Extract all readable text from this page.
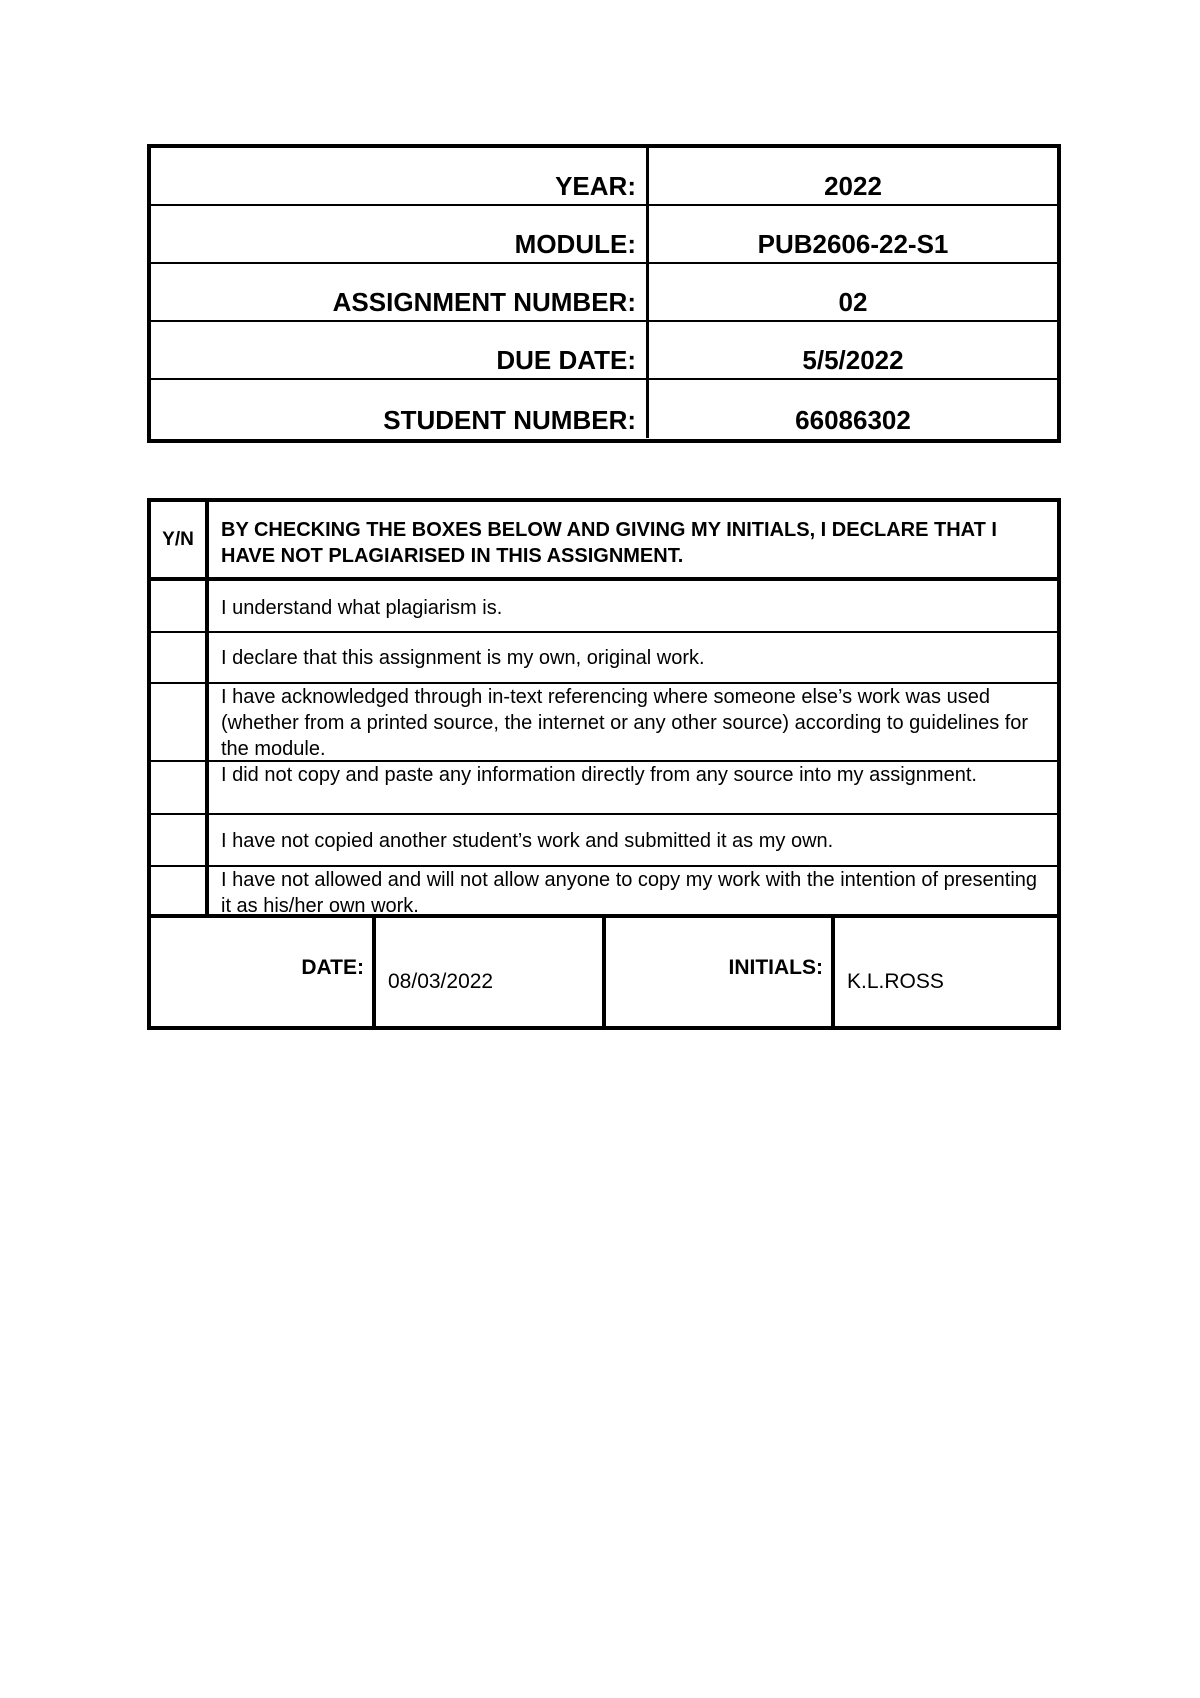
YEAR:	2022
MODULE:	PUB2606-22-S1
ASSIGNMENT NUMBER:	02
DUE DATE:	5/5/2022
STUDENT NUMBER:	66086302
Y/N	BY CHECKING THE BOXES BELOW AND GIVING MY INITIALS, I DECLARE THAT I HAVE NOT PLAGIARISED IN THIS ASSIGNMENT.
I understand what plagiarism is.
I declare that this assignment is my own, original work.
I have acknowledged through in-text referencing where someone else’s work was used (whether from a printed source, the internet or any other source) according to guidelines for the module.
I did not copy and paste any information directly from any source into my assignment.
I have not copied another student’s work and submitted it as my own.
I have not allowed and will not allow anyone to copy my work with the intention of presenting it as his/her own work.
DATE:
08/03/2022
INITIALS:
K.L.ROSS
